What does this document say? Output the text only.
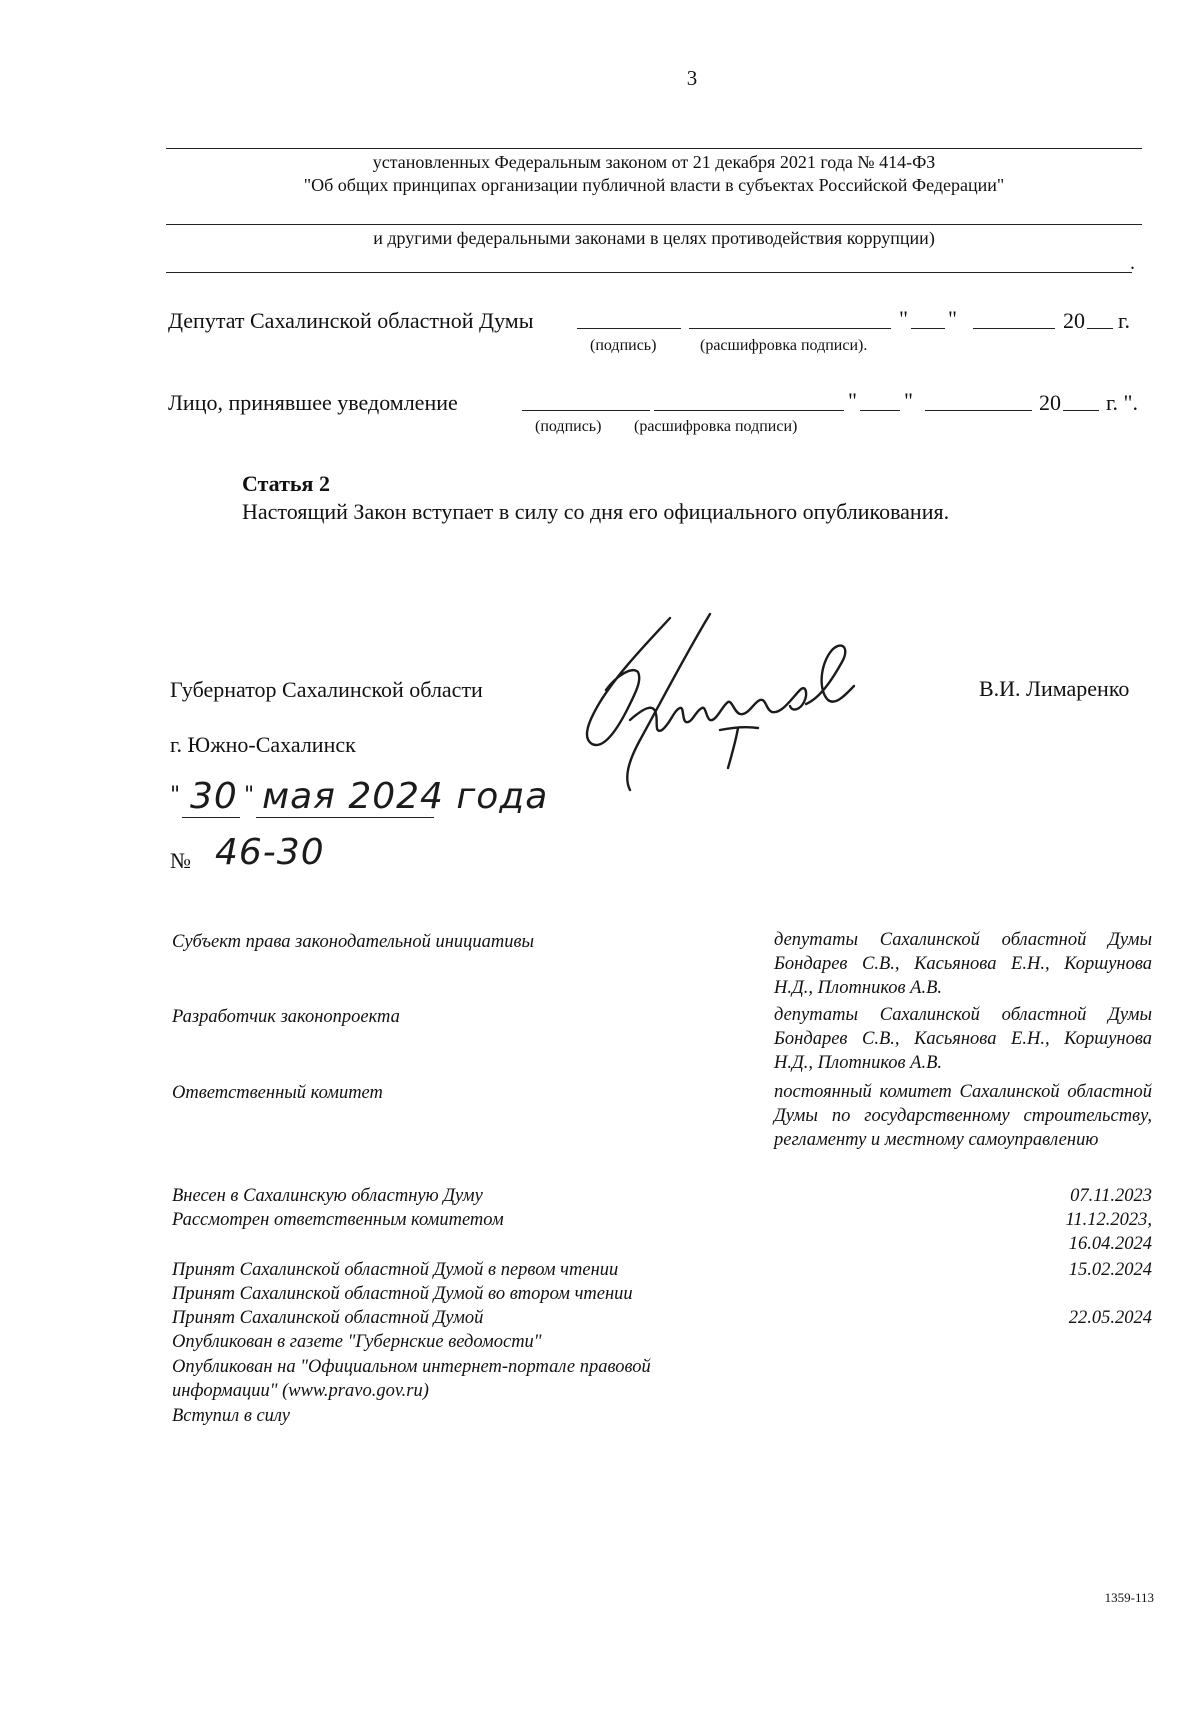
3
установленных Федеральным законом от 21 декабря 2021 года № 414-ФЗ
"Об общих принципах организации публичной власти в субъектах Российской Федерации"
и другими федеральными законами в целях противодействия коррупции)
.
Депутат Сахалинской областной Думы	" "	20 г.
(подпись)	(расшифровка подписи).
Лицо, принявшее уведомление	" "	20 г. ".
(подпись) (расшифровка подписи)
Статья 2
Настоящий Закон вступает в силу со дня его официального опубликования.
Губернатор Сахалинской области	В.И. Лимаренко
г. Южно-Сахалинск
" 30 " мая 2024 года
№ 46-30
Субъект права законодательной инициативы	депутаты Сахалинской областной Думы Бондарев С.В., Касьянова Е.Н., Коршунова Н.Д., Плотников А.В.
Разработчик законопроекта	депутаты Сахалинской областной Думы Бондарев С.В., Касьянова Е.Н., Коршунова Н.Д., Плотников А.В.
Ответственный комитет	постоянный комитет Сахалинской областной Думы по государственному строительству, регламенту и местному самоуправлению
Внесен в Сахалинскую областную Думу	07.11.2023
Рассмотрен ответственным комитетом	11.12.2023,
16.04.2024
Принят Сахалинской областной Думой в первом чтении	15.02.2024
Принят Сахалинской областной Думой во втором чтении
Принят Сахалинской областной Думой	22.05.2024
Опубликован в газете "Губернские ведомости"
Опубликован на "Официальном интернет-портале правовой
информации" (www.pravo.gov.ru)
Вступил в силу
1359-113
